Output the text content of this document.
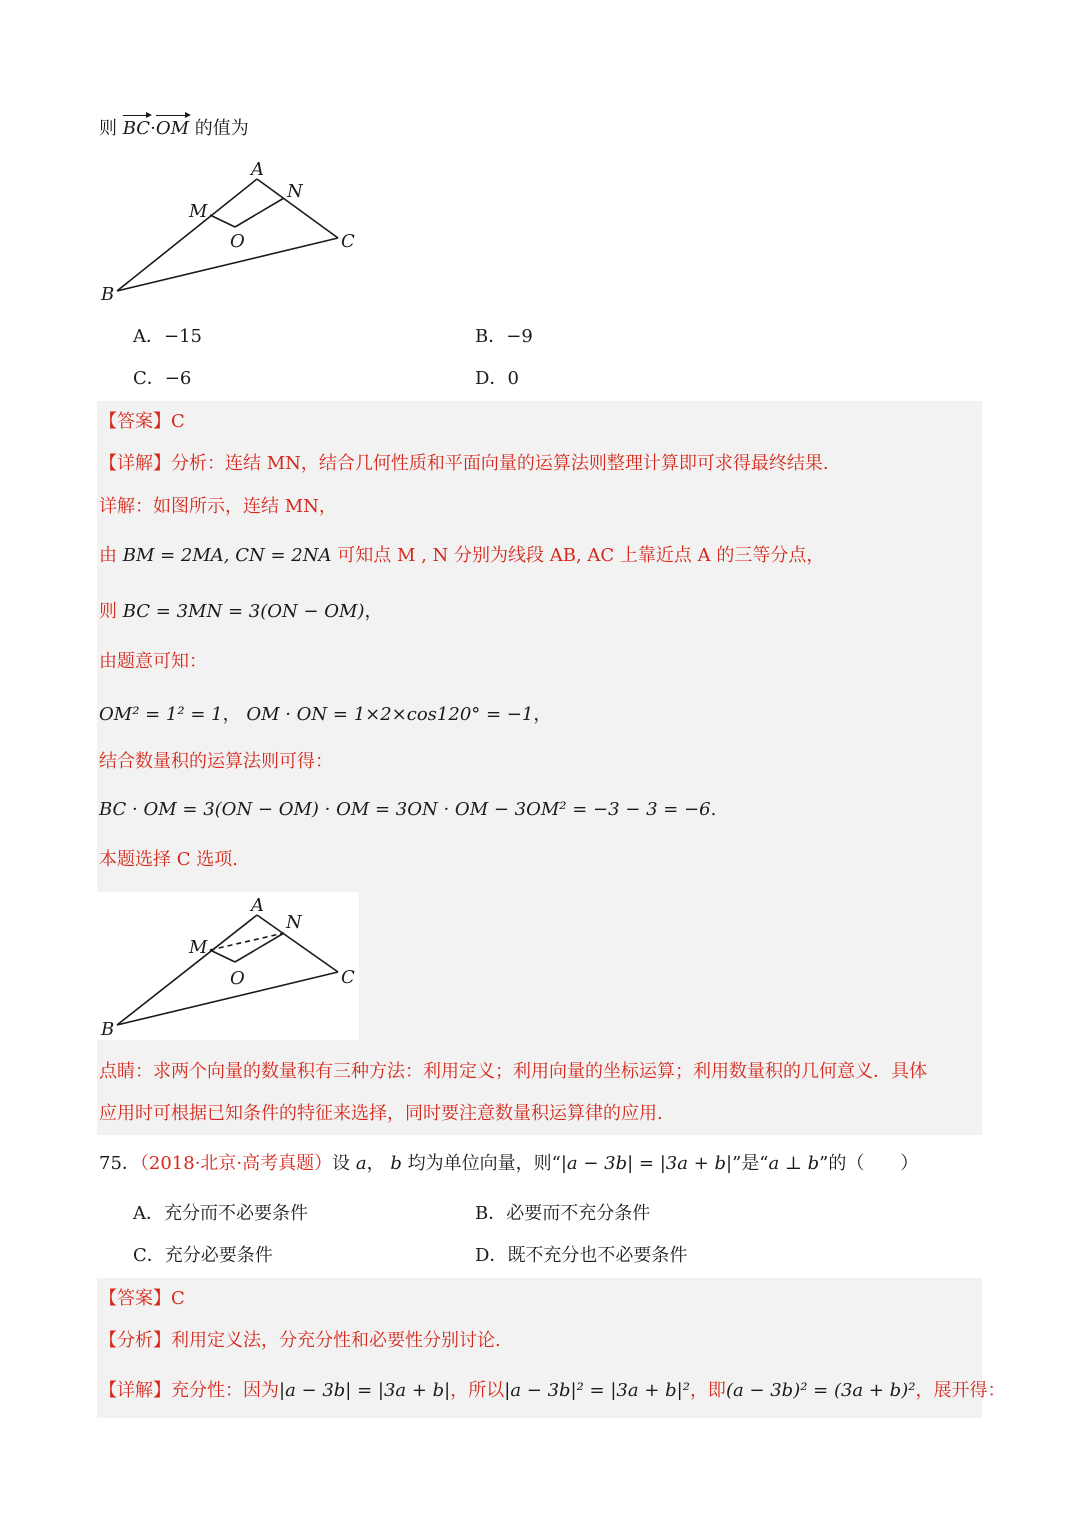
则 BC·OM 的值为
A
N
M
O	C
B
A．−15	B．−9
C．−6	D．0
【答案】C
【详解】分析：连结 MN，结合几何性质和平面向量的运算法则整理计算即可求得最终结果.
详解：如图所示，连结 MN，
由 BM = 2MA, CN = 2NA 可知点 M , N 分别为线段 AB, AC 上靠近点 A 的三等分点，
则 BC = 3MN = 3(ON − OM)，
由题意可知：
OM² = 1² = 1， OM · ON = 1×2×cos120° = −1，
结合数量积的运算法则可得：
BC · OM = 3(ON − OM) · OM = 3ON · OM − 3OM² = −3 − 3 = −6.
本题选择 C 选项.
A
N
M
O	C
B
点睛：求两个向量的数量积有三种方法：利用定义；利用向量的坐标运算；利用数量积的几何意义．具体
应用时可根据已知条件的特征来选择，同时要注意数量积运算律的应用.
75．（2018·北京·高考真题）设 a， b 均为单位向量，则“|a − 3b| = |3a + b|”是“a ⊥ b”的（　　）
A．充分而不必要条件	B．必要而不充分条件
C．充分必要条件	D．既不充分也不必要条件
【答案】C
【分析】利用定义法，分充分性和必要性分别讨论.
【详解】充分性：因为|a − 3b| = |3a + b|，所以|a − 3b|² = |3a + b|²，即(a − 3b)² = (3a + b)²，展开得：
